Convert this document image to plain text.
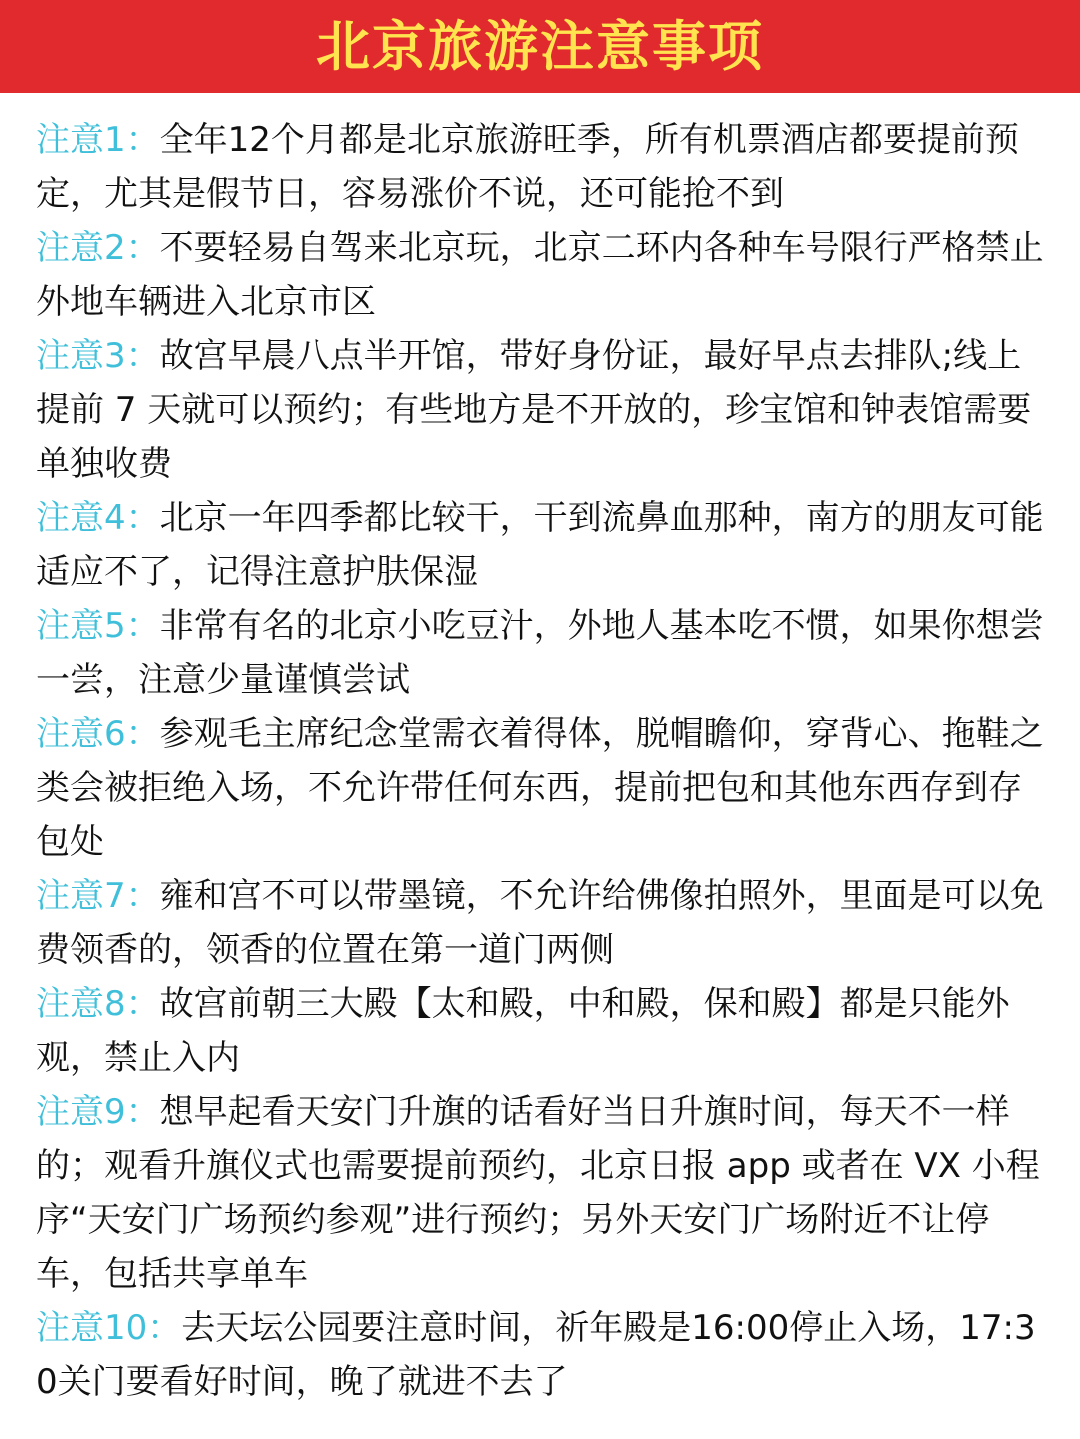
北京旅游注意事项

注意1：全年12个月都是北京旅游旺季，所有机票酒店都要提前预定，尤其是假节日，容易涨价不说，还可能抢不到

注意2：不要轻易自驾来北京玩，北京二环内各种车号限行严格禁止外地车辆进入北京市区

注意3：故宫早晨八点半开馆，带好身份证，最好早点去排队;线上提前 7 天就可以预约；有些地方是不开放的，珍宝馆和钟表馆需要单独收费

注意4：北京一年四季都比较干，干到流鼻血那种，南方的朋友可能适应不了，记得注意护肤保湿

注意5：非常有名的北京小吃豆汁，外地人基本吃不惯，如果你想尝一尝，注意少量谨慎尝试

注意6：参观毛主席纪念堂需衣着得体，脱帽瞻仰，穿背心、拖鞋之类会被拒绝入场，不允许带任何东西，提前把包和其他东西存到存包处

注意7：雍和宫不可以带墨镜，不允许给佛像拍照外，里面是可以免费领香的，领香的位置在第一道门两侧

注意8：故宫前朝三大殿【太和殿，中和殿，保和殿】都是只能外观，禁止入内

注意9：想早起看天安门升旗的话看好当日升旗时间，每天不一样的；观看升旗仪式也需要提前预约，北京日报 app 或者在 VX 小程序“天安门广场预约参观”进行预约；另外天安门广场附近不让停车，包括共享单车

注意10：去天坛公园要注意时间，祈年殿是16:00停止入场，17:30关门要看好时间，晚了就进不去了
